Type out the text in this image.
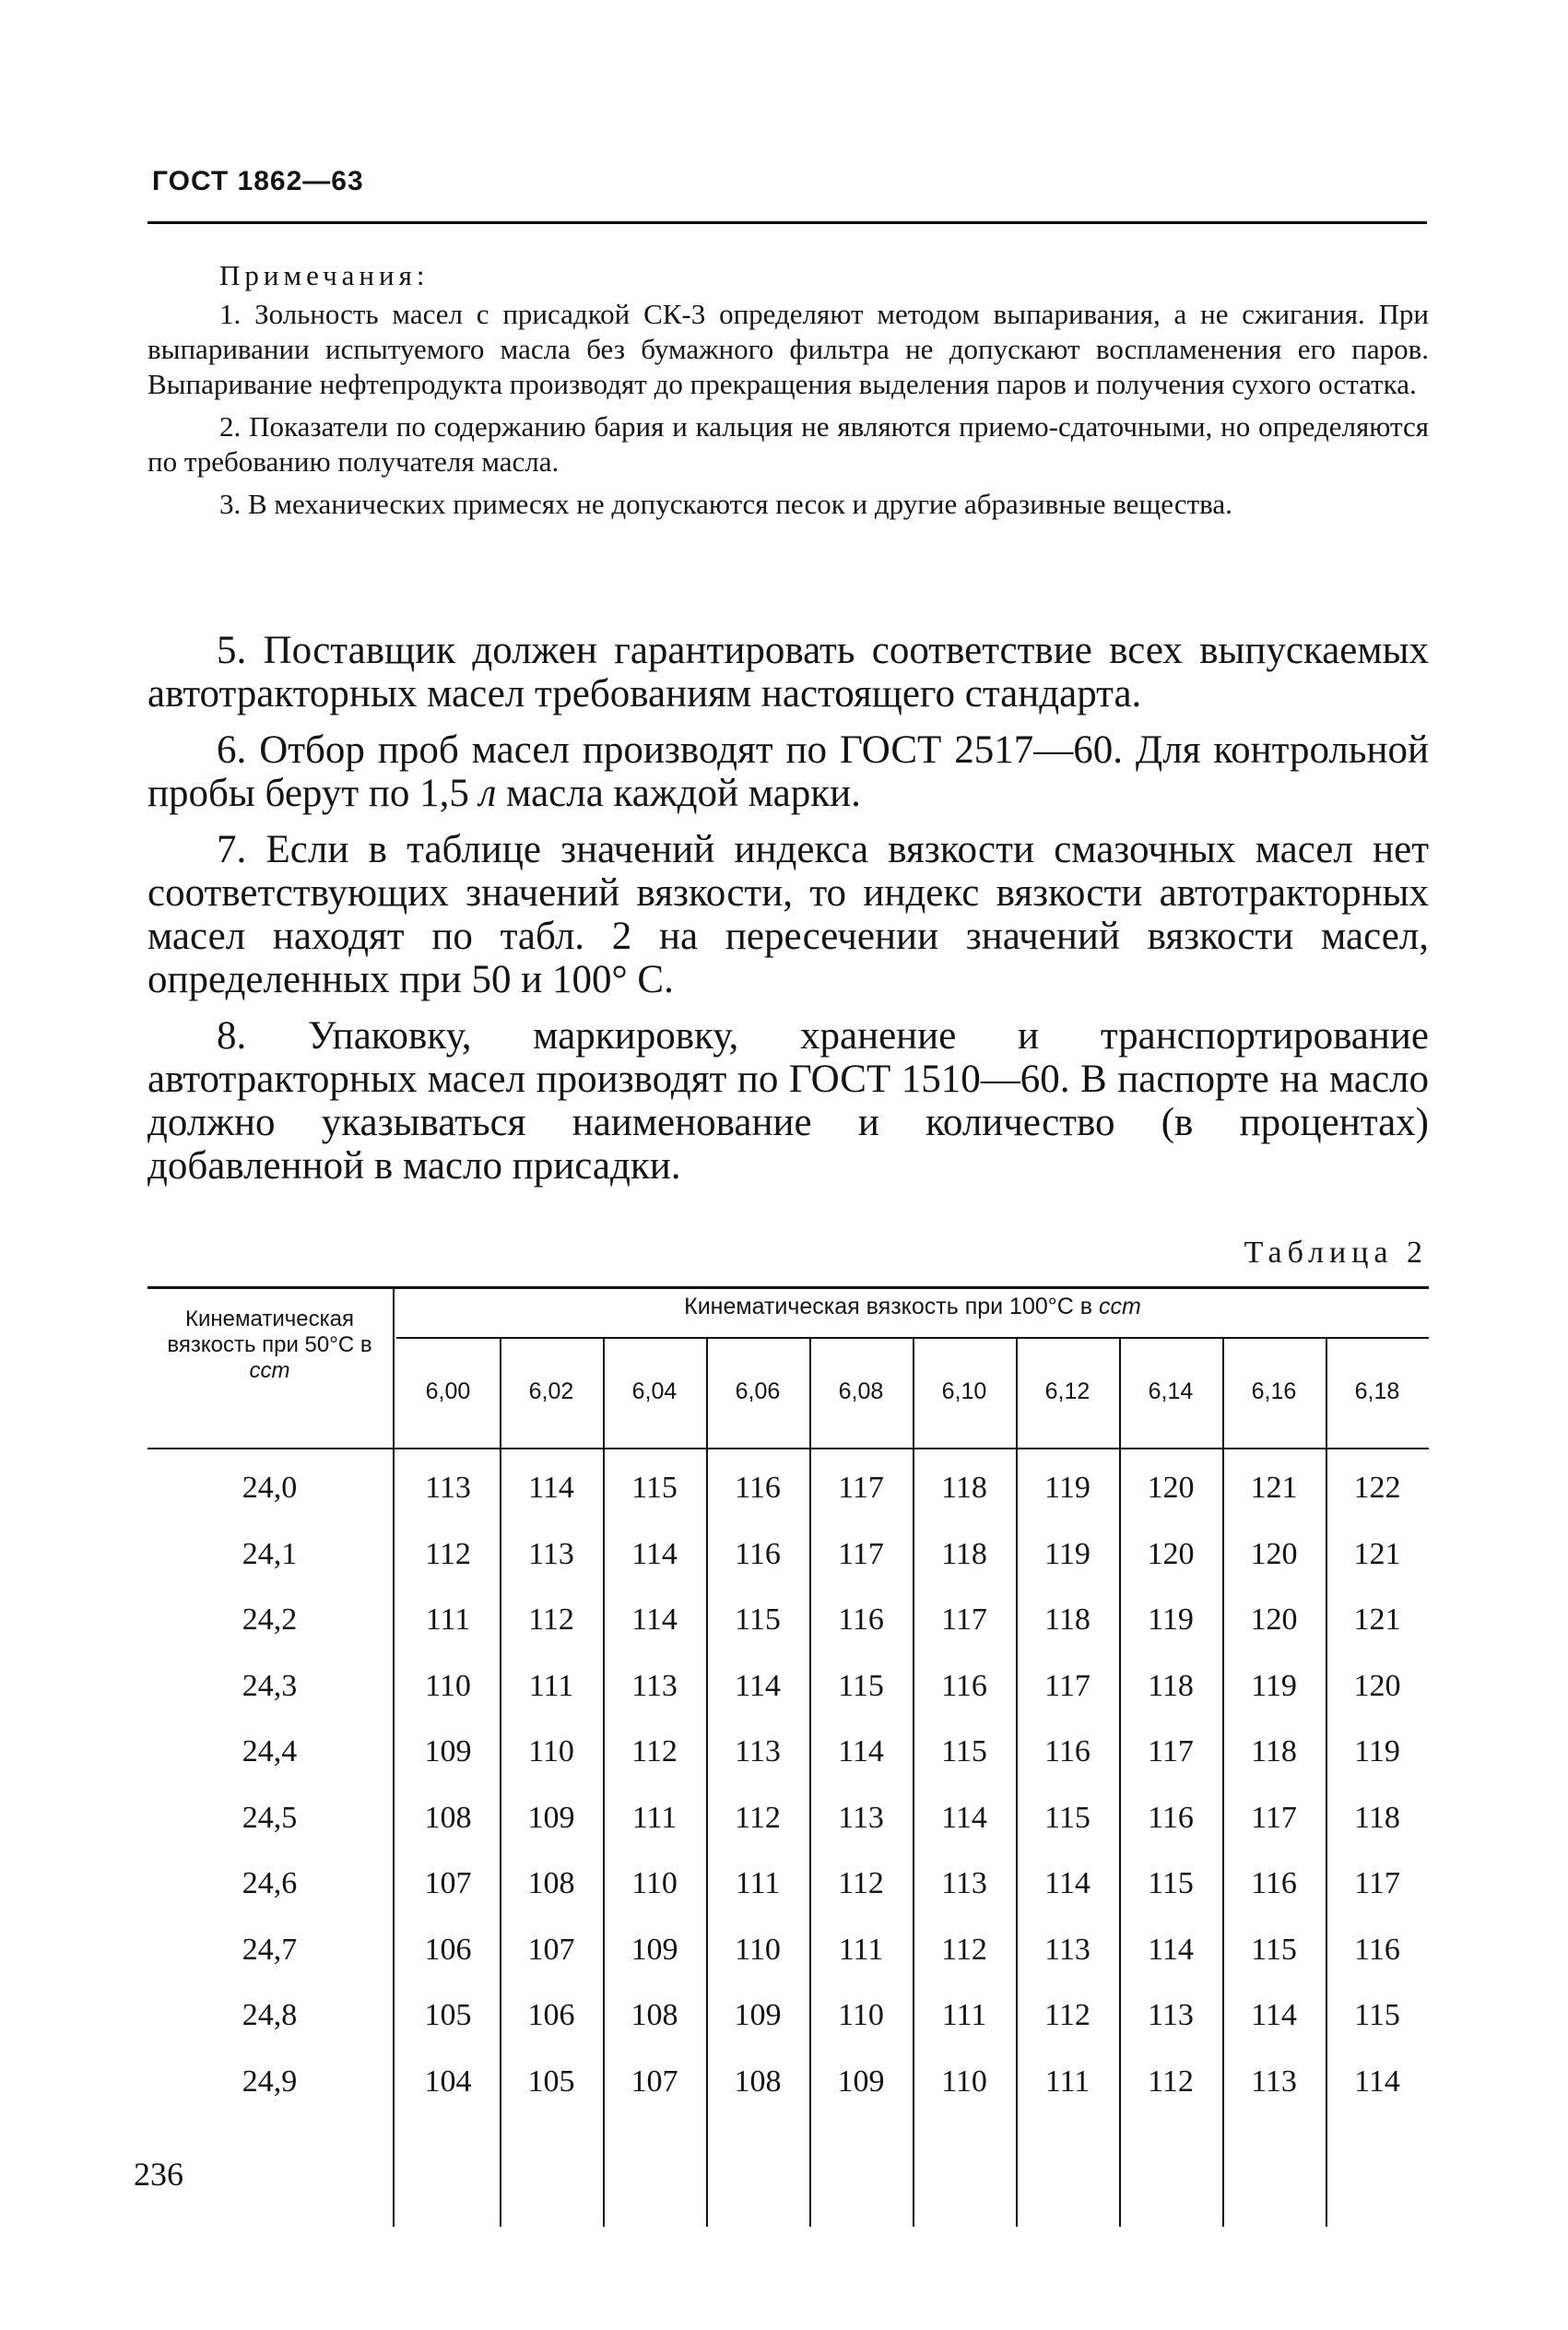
ГОСТ 1862—63
Примечания:

1. Зольность масел с присадкой СК-3 определяют методом выпаривания, а не сжигания. При выпаривании испытуемого масла без бумажного фильтра не допускают воспламенения его паров. Выпаривание нефтепродукта производят до прекращения выделения паров и получения сухого остатка.

2. Показатели по содержанию бария и кальция не являются приемо-сдаточными, но определяются по требованию получателя масла.

3. В механических примесях не допускаются песок и другие абразивные вещества.

5. Поставщик должен гарантировать соответствие всех выпускаемых автотракторных масел требованиям настоящего стандарта.

6. Отбор проб масел производят по ГОСТ 2517—60. Для контрольной пробы берут по 1,5 л масла каждой марки.

7. Если в таблице значений индекса вязкости смазочных масел нет соответствующих значений вязкости, то индекс вязкости автотракторных масел находят по табл. 2 на пересечении значений вязкости масел, определенных при 50 и 100° С.

8. Упаковку, маркировку, хранение и транспортирование автотракторных масел производят по ГОСТ 1510—60. В паспорте на масло должно указываться наименование и количество (в процентах) добавленной в масло присадки.

Таблица 2
Кинематическая вязкость при 50°С в
сст
Кинематическая вязкость при 100°С в сст
6,00	6,02	6,04	6,06	6,08	6,10	6,12	6,14	6,16	6,18
24,0	113	114	115	116	117	118	119	120	121	122
24,1	112	113	114	116	117	118	119	120	120	121
24,2	111	112	114	115	116	117	118	119	120	121
24,3	110	111	113	114	115	116	117	118	119	120
24,4	109	110	112	113	114	115	116	117	118	119
24,5	108	109	111	112	113	114	115	116	117	118
24,6	107	108	110	111	112	113	114	115	116	117
24,7	106	107	109	110	111	112	113	114	115	116
24,8	105	106	108	109	110	111	112	113	114	115
24,9	104	105	107	108	109	110	111	112	113	114
236
